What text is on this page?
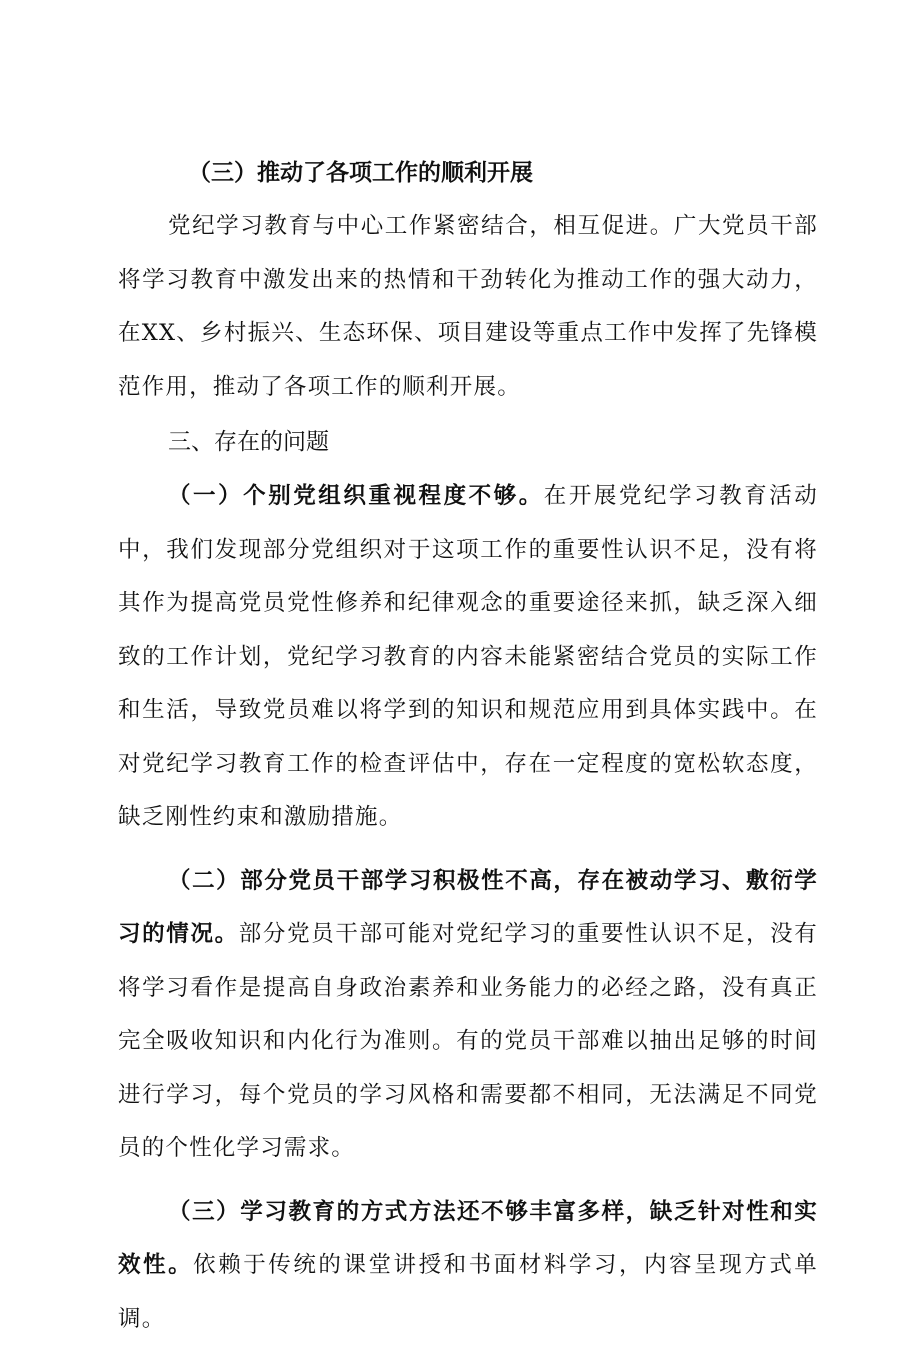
（三）推动了各项工作的顺利开展

党纪学习教育与中心工作紧密结合，相互促进。广大党员干部将学习教育中激发出来的热情和干劲转化为推动工作的强大动力，在XX、乡村振兴、生态环保、项目建设等重点工作中发挥了先锋模范作用，推动了各项工作的顺利开展。

三、存在的问题

（一）个别党组织重视程度不够。在开展党纪学习教育活动中，我们发现部分党组织对于这项工作的重要性认识不足，没有将其作为提高党员党性修养和纪律观念的重要途径来抓，缺乏深入细致的工作计划，党纪学习教育的内容未能紧密结合党员的实际工作和生活，导致党员难以将学到的知识和规范应用到具体实践中。在对党纪学习教育工作的检查评估中，存在一定程度的宽松软态度，缺乏刚性约束和激励措施。

（二）部分党员干部学习积极性不高，存在被动学习、敷衍学习的情况。部分党员干部可能对党纪学习的重要性认识不足，没有将学习看作是提高自身政治素养和业务能力的必经之路，没有真正完全吸收知识和内化行为准则。有的党员干部难以抽出足够的时间进行学习，每个党员的学习风格和需要都不相同，无法满足不同党员的个性化学习需求。

（三）学习教育的方式方法还不够丰富多样，缺乏针对性和实效性。依赖于传统的课堂讲授和书面材料学习，内容呈现方式单调。
